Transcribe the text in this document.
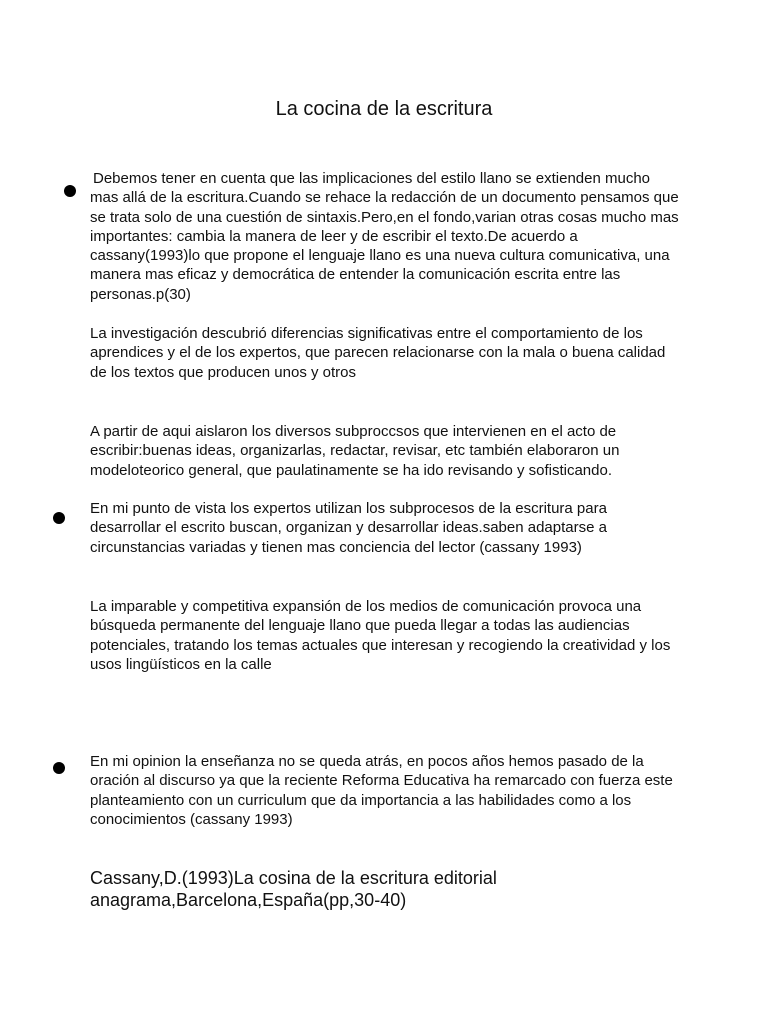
La cocina de la escritura

Debemos tener en cuenta que las implicaciones del estilo llano se extienden mucho mas allá de la escritura.Cuando se rehace la redacción de un documento pensamos que se trata solo de una cuestión de sintaxis.Pero,en el fondo,varian otras cosas mucho mas importantes: cambia la manera de leer y de escribir el texto.De acuerdo a cassany(1993)lo que propone el lenguaje llano es una nueva cultura comunicativa, una manera mas eficaz y democrática de entender la comunicación escrita entre las personas.p(30)

La investigación descubrió diferencias significativas entre el comportamiento de los aprendices y el de los expertos, que parecen relacionarse con la mala o buena calidad de los textos que producen unos y otros

A partir de aqui aislaron los diversos subproccsos que intervienen en el acto de escribir:buenas ideas, organizarlas, redactar, revisar, etc también elaboraron un modeloteorico general, que paulatinamente se ha ido revisando y sofisticando.

En mi punto de vista los expertos utilizan los subprocesos de la escritura para desarrollar el escrito buscan, organizan y desarrollar ideas.saben adaptarse a circunstancias variadas y tienen mas conciencia del lector (cassany 1993)

La imparable y competitiva expansión de los medios de comunicación provoca una búsqueda permanente del lenguaje llano que pueda llegar a todas las audiencias potenciales, tratando los temas actuales que interesan y recogiendo la creatividad y los usos lingüísticos en la calle

En mi opinion la enseñanza no se queda atrás, en pocos años hemos pasado de la oración al discurso ya que la reciente Reforma Educativa ha remarcado con fuerza este planteamiento con un curriculum que da importancia a las habilidades como a los conocimientos (cassany 1993)

Cassany,D.(1993)La cosina de la escritura editorial anagrama,Barcelona,España(pp,30-40)
